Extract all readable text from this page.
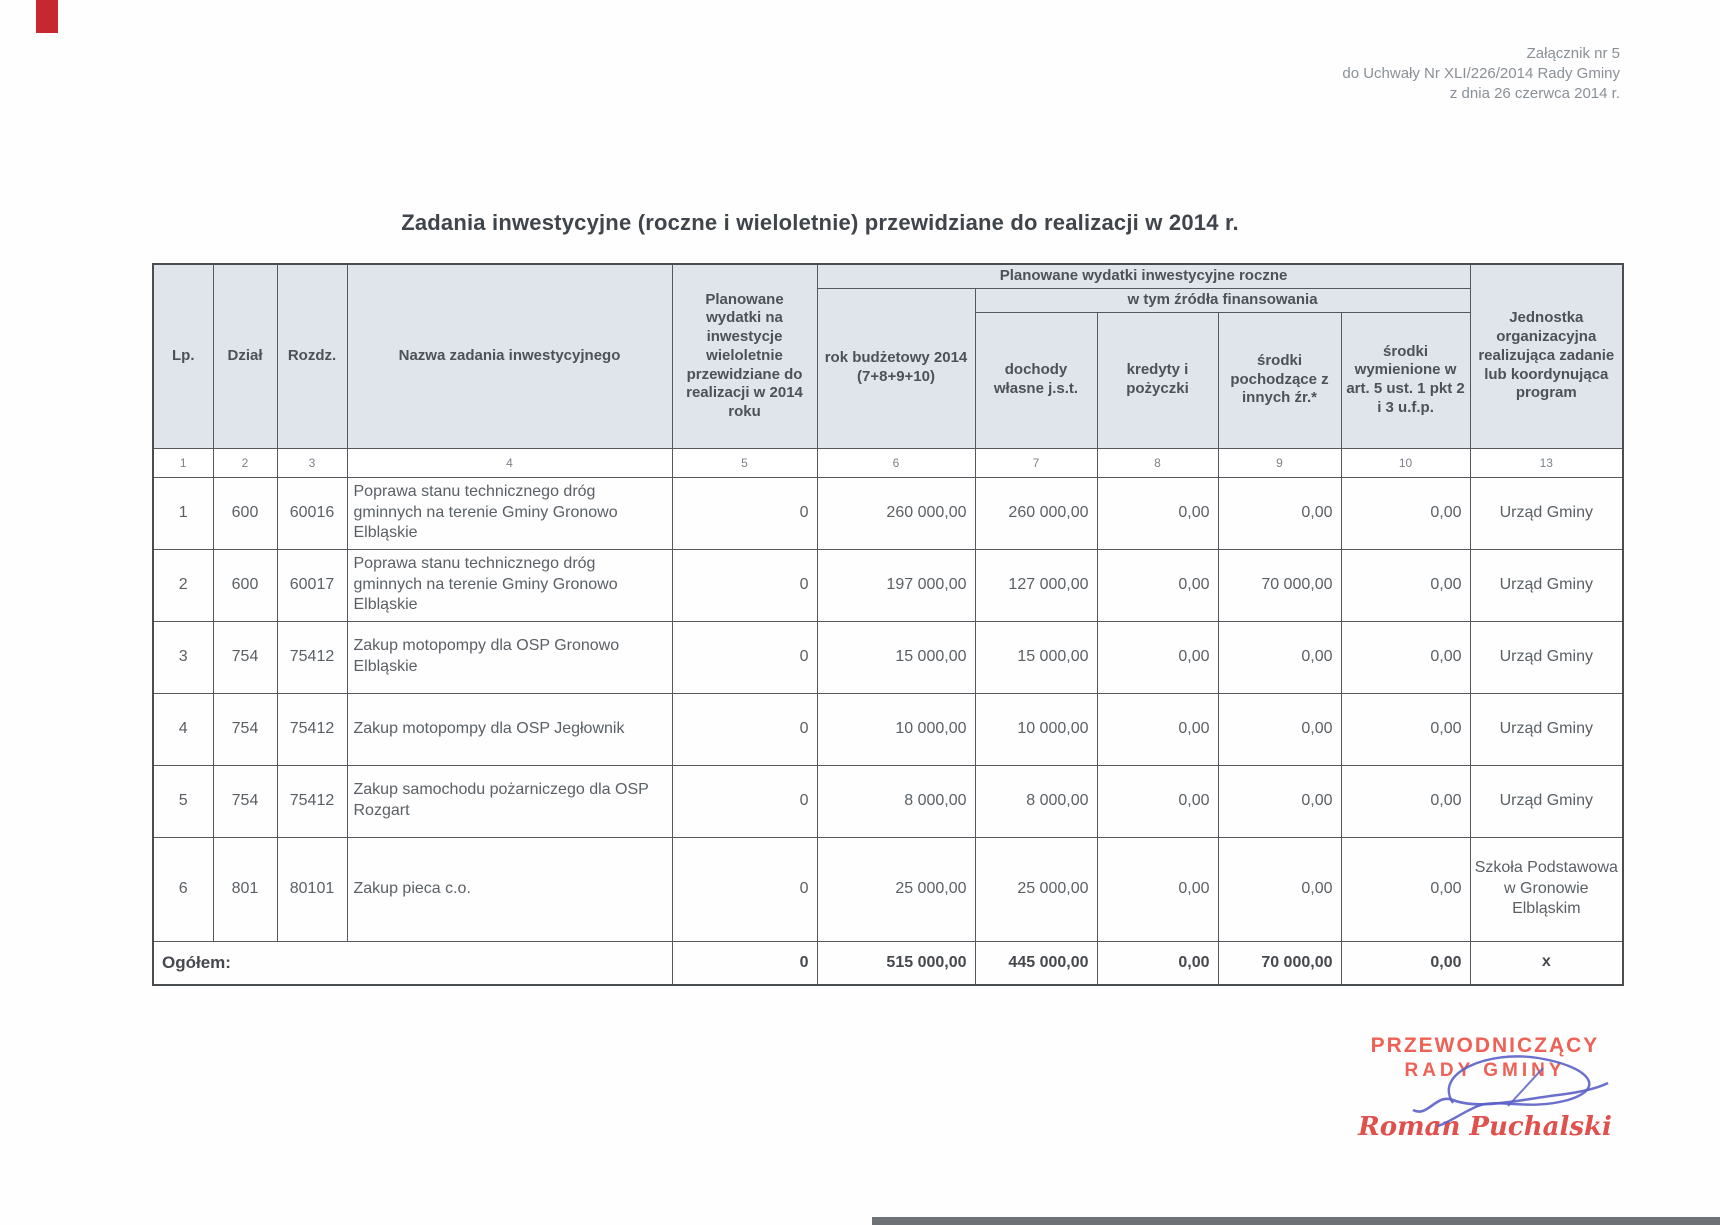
Załącznik nr 5
do Uchwały Nr XLI/226/2014 Rady Gminy
z dnia 26 czerwca 2014 r.
Zadania inwestycyjne (roczne i wieloletnie) przewidziane do realizacji w 2014 r.
Lp.	Dział	Rozdz.	Nazwa zadania inwestycyjnego	Planowane wydatki na inwestycje wieloletnie przewidziane do realizacji w 2014 roku	Planowane wydatki inwestycyjne roczne					Jednostka organizacyjna realizująca zadanie lub koordynująca program
					rok budżetowy 2014 (7+8+9+10)	w tym źródła finansowania				
						dochody własne j.s.t.	kredyty i pożyczki	środki pochodzące z innych źr.*	środki wymienione w art. 5 ust. 1 pkt 2 i 3 u.f.p.	
1	2	3	4	5	6	7	8	9	10	13
1	600	60016	Poprawa stanu technicznego dróg gminnych na terenie Gminy Gronowo Elbląskie	0	260 000,00	260 000,00	0,00	0,00	0,00	Urząd Gminy
2	600	60017	Poprawa stanu technicznego dróg gminnych na terenie Gminy Gronowo Elbląskie	0	197 000,00	127 000,00	0,00	70 000,00	0,00	Urząd Gminy
3	754	75412	Zakup motopompy dla OSP Gronowo Elbląskie	0	15 000,00	15 000,00	0,00	0,00	0,00	Urząd Gminy
4	754	75412	Zakup motopompy dla OSP Jegłownik	0	10 000,00	10 000,00	0,00	0,00	0,00	Urząd Gminy
5	754	75412	Zakup samochodu pożarniczego dla OSP Rozgart	0	8 000,00	8 000,00	0,00	0,00	0,00	Urząd Gminy
6	801	80101	Zakup pieca c.o.	0	25 000,00	25 000,00	0,00	0,00	0,00	Szkoła Podstawowa w Gronowie Elbląskim
Ogółem:				0	515 000,00	445 000,00	0,00	70 000,00	0,00	x
PRZEWODNICZĄCY
RADY GMINY
Roman Puchalski
